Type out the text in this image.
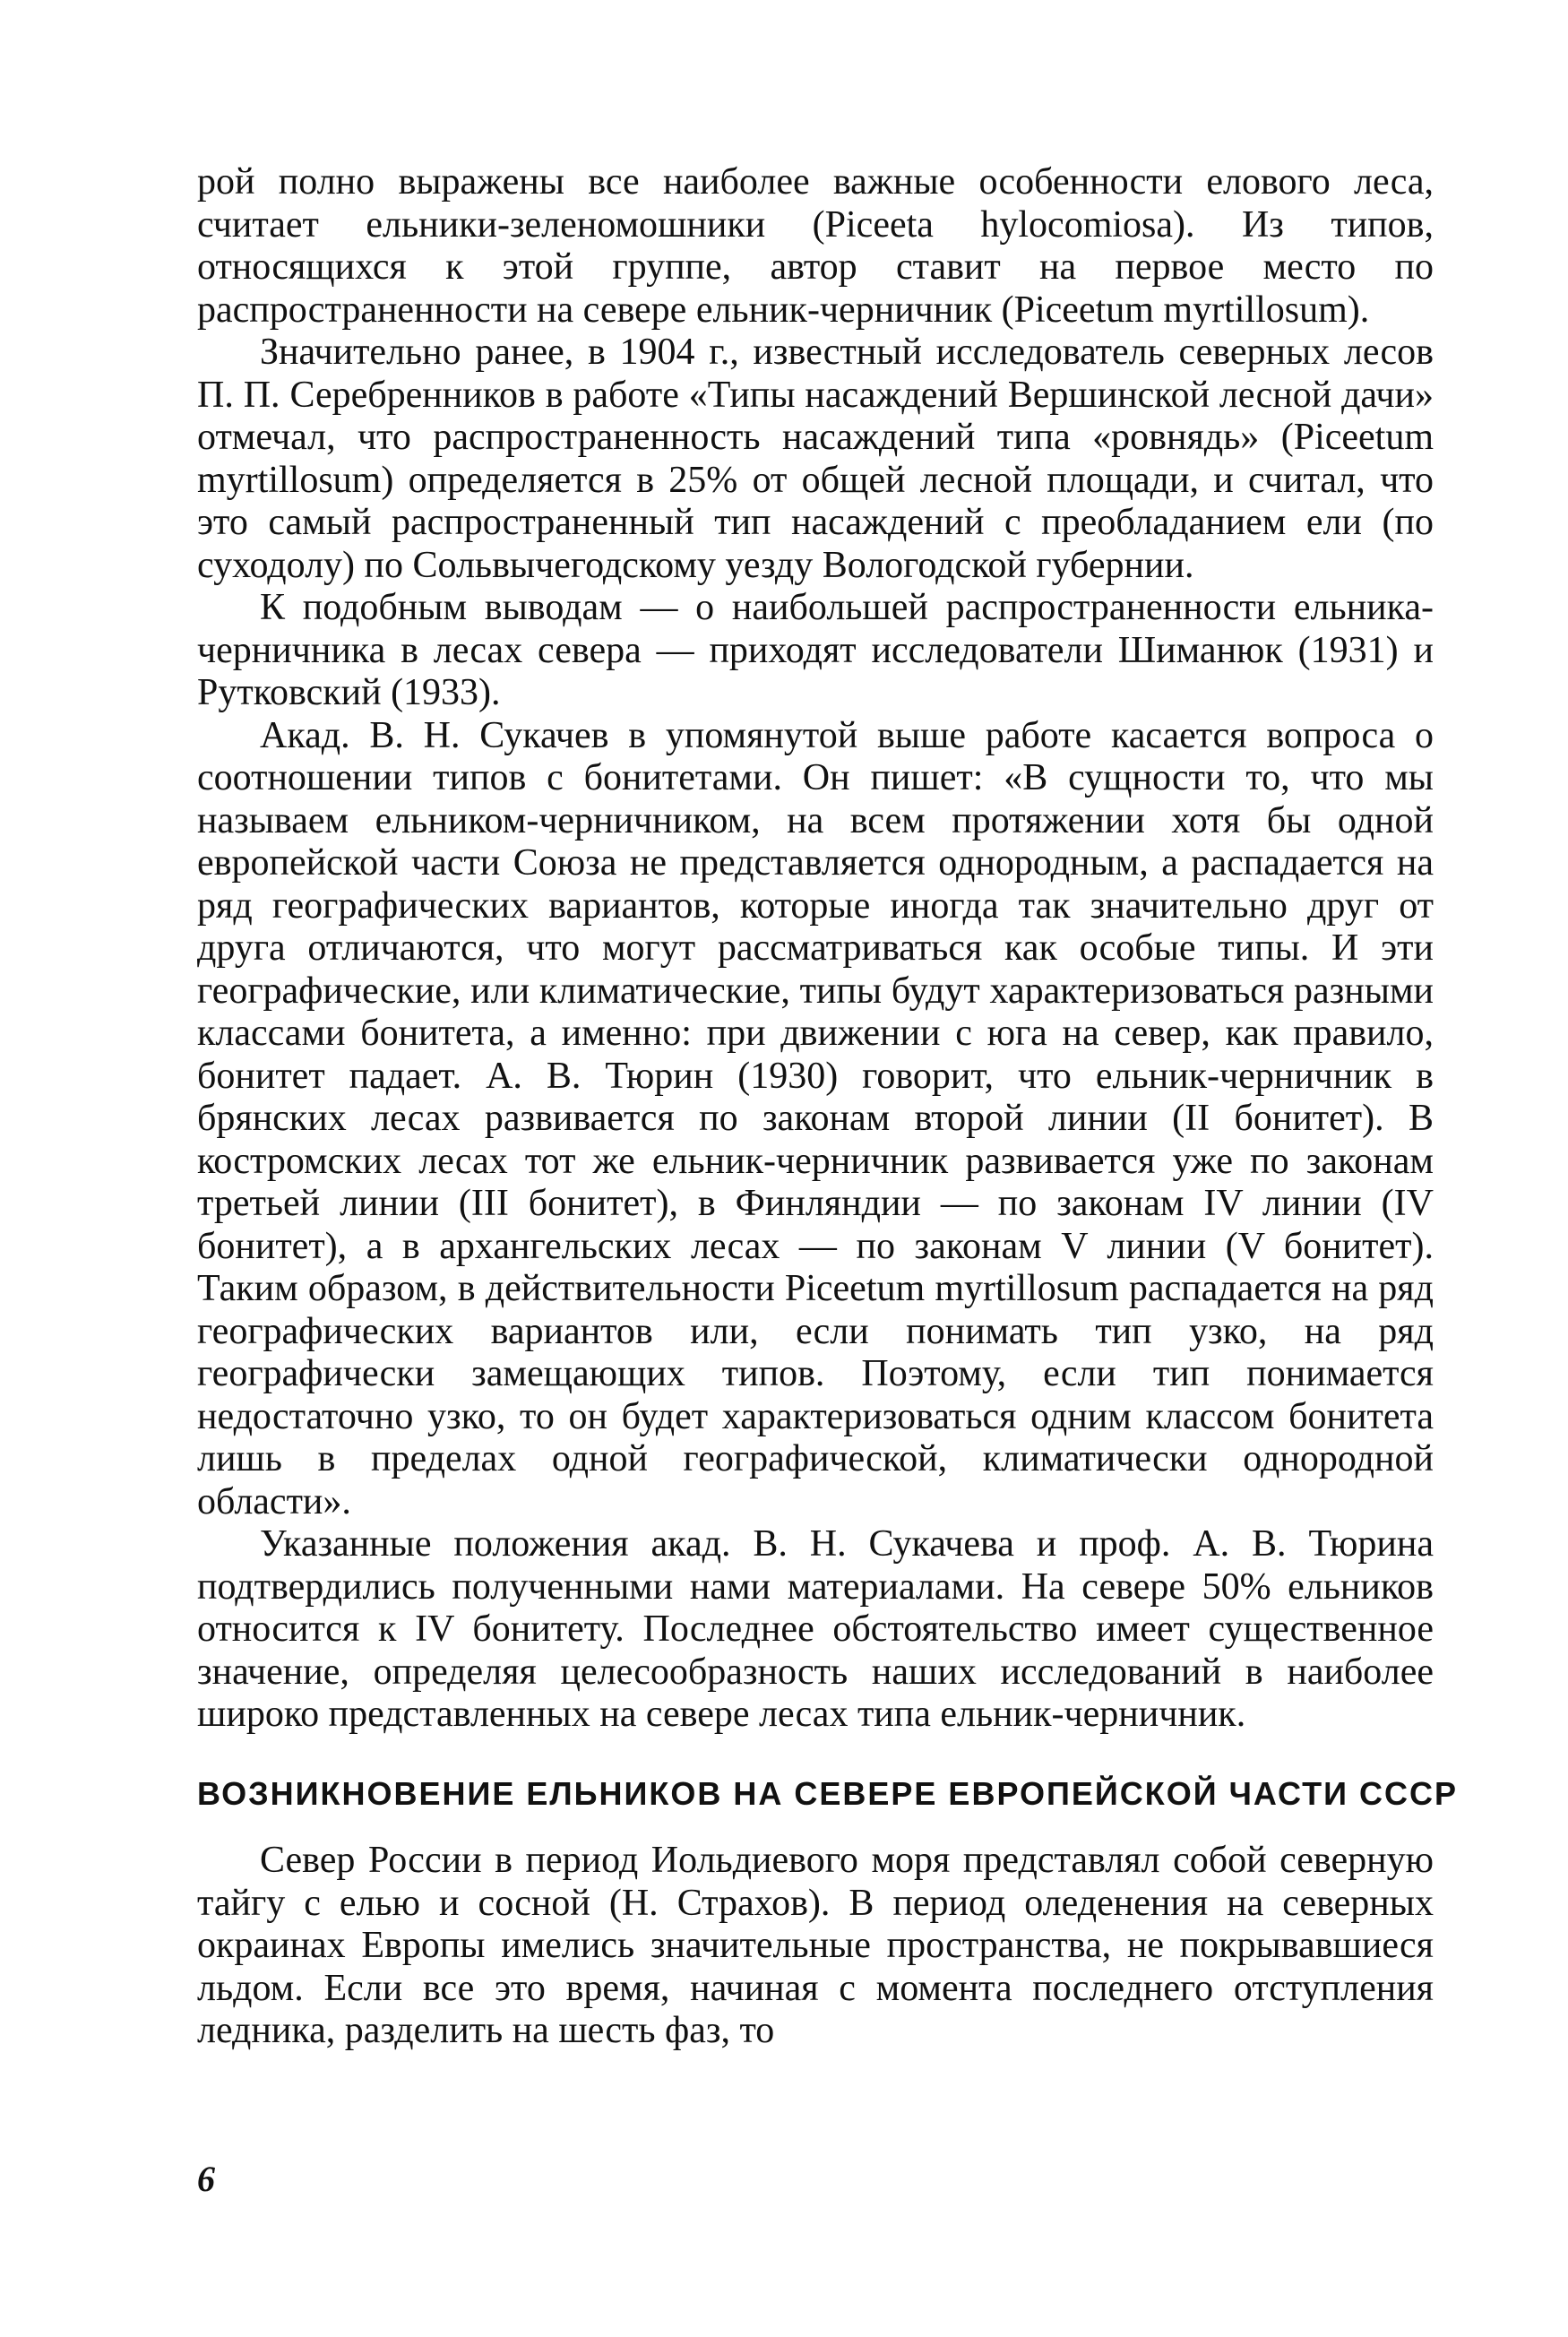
рой полно выражены все наиболее важные особенности елового леса, считает ельники-зеленомошники (Piceeta hylocomiosa). Из типов, относящихся к этой группе, автор ставит на первое место по распространенности на севере ельник-черничник (Piceetum myrtillosum).

Значительно ранее, в 1904 г., известный исследователь северных лесов П. П. Серебренников в работе «Типы насаждений Вершинской лесной дачи» отмечал, что распространенность насаждений типа «ровнядь» (Piceetum myrtillosum) определяется в 25% от общей лесной площади, и считал, что это самый распространенный тип насаждений с преобладанием ели (по суходолу) по Сольвычегодскому уезду Вологодской губернии.

К подобным выводам — о наибольшей распространенности ельника-черничника в лесах севера — приходят исследователи Шиманюк (1931) и Рутковский (1933).

Акад. В. Н. Сукачев в упомянутой выше работе касается вопроса о соотношении типов с бонитетами. Он пишет: «В сущности то, что мы называем ельником-черничником, на всем протяжении хотя бы одной европейской части Союза не представляется однородным, а распадается на ряд географических вариантов, которые иногда так значительно друг от друга отличаются, что могут рассматриваться как особые типы. И эти географические, или климатические, типы будут характеризоваться разными классами бонитета, а именно: при движении с юга на север, как правило, бонитет падает. А. В. Тюрин (1930) говорит, что ельник-черничник в брянских лесах развивается по законам второй линии (II бонитет). В костромских лесах тот же ельник-черничник развивается уже по законам третьей линии (III бонитет), в Финляндии — по законам IV линии (IV бонитет), а в архангельских лесах — по законам V линии (V бонитет). Таким образом, в действительности Piceetum myrtillosum распадается на ряд географических вариантов или, если понимать тип узко, на ряд географически замещающих типов. Поэтому, если тип понимается недостаточно узко, то он будет характеризоваться одним классом бонитета лишь в пределах одной географической, климатически однородной области».

Указанные положения акад. В. Н. Сукачева и проф. А. В. Тюрина подтвердились полученными нами материалами. На севере 50% ельников относится к IV бонитету. Последнее обстоятельство имеет существенное значение, определяя целесообразность наших исследований в наиболее широко представленных на севере лесах типа ельник-черничник.

ВОЗНИКНОВЕНИЕ ЕЛЬНИКОВ НА СЕВЕРЕ ЕВРОПЕЙСКОЙ ЧАСТИ СССР

Север России в период Иольдиевого моря представлял собой северную тайгу с елью и сосной (Н. Страхов). В период оледенения на северных окраинах Европы имелись значительные пространства, не покрывавшиеся льдом. Если все это время, начиная с момента последнего отступления ледника, разделить на шесть фаз, то

6
